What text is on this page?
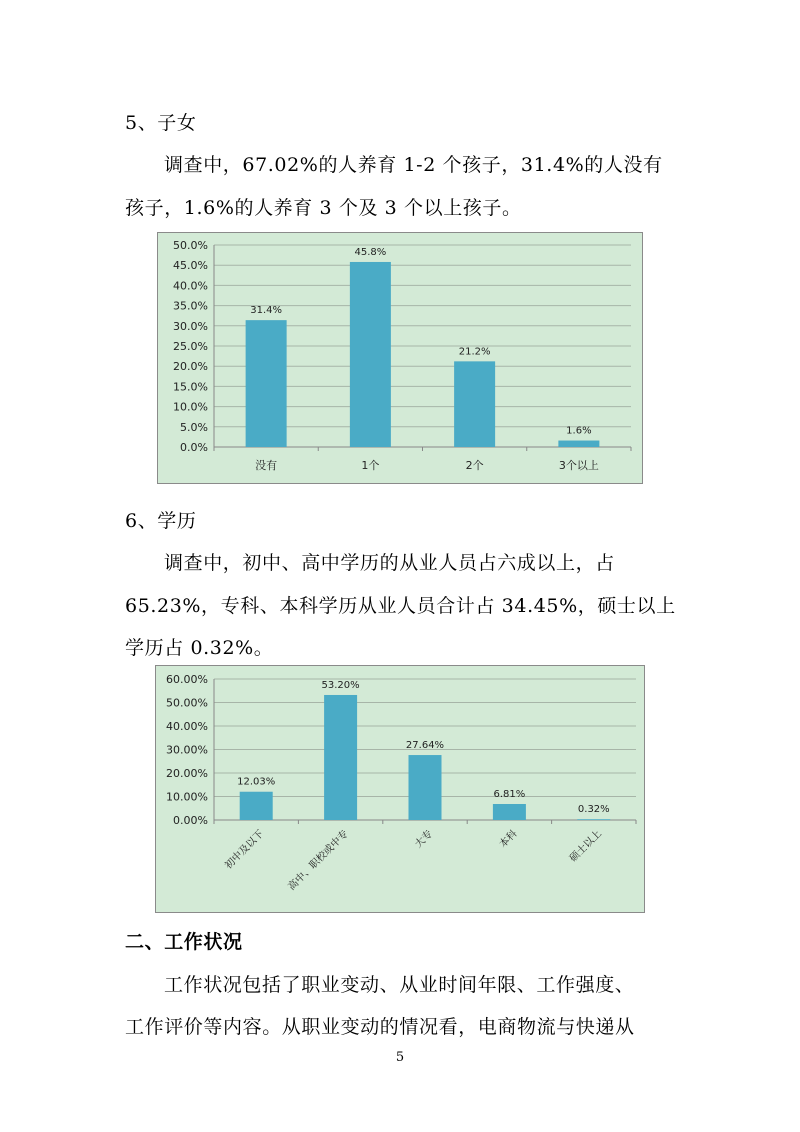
5、子女
调查中，67.02%的人养育 1-2 个孩子，31.4%的人没有
孩子，1.6%的人养育 3 个及 3 个以上孩子。
0.0%
5.0%
10.0%
15.0%
20.0%
25.0%
30.0%
35.0%
40.0%
45.0%
50.0%
31.4%
没有
45.8%
1个
21.2%
2个
1.6%
3个以上
6、学历
调查中，初中、高中学历的从业人员占六成以上，占
65.23%，专科、本科学历从业人员合计占 34.45%，硕士以上
学历占 0.32%。
0.00%
10.00%
20.00%
30.00%
40.00%
50.00%
60.00%
12.03%
初中及以下
53.20%
高中、职校或中专
27.64%
大专
6.81%
本科
0.32%
硕士以上
二、工作状况
工作状况包括了职业变动、从业时间年限、工作强度、
工作评价等内容。从职业变动的情况看，电商物流与快递从
5
